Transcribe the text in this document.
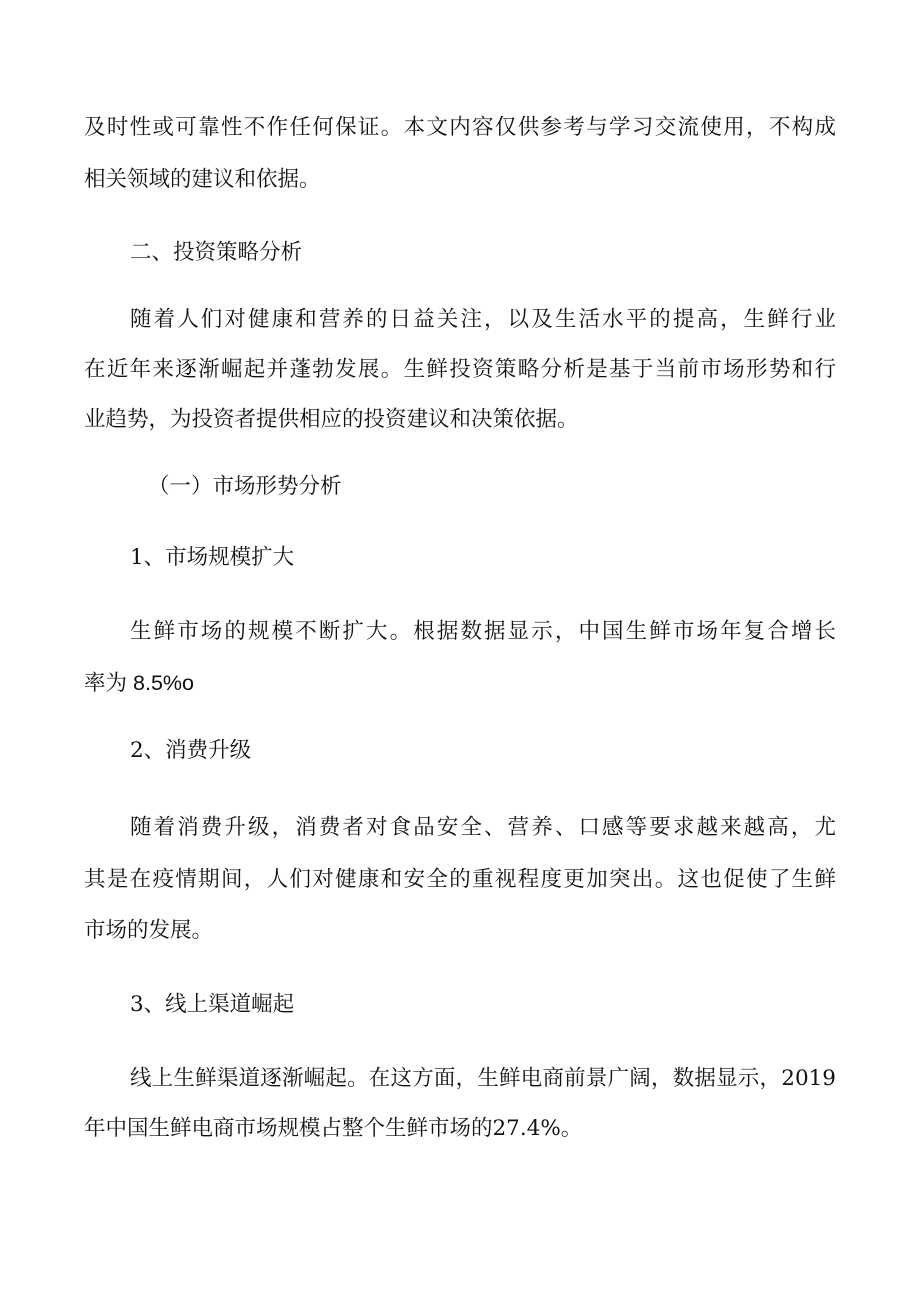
及时性或可靠性不作任何保证。本文内容仅供参考与学习交流使用，不构成
相关领域的建议和依据。
二、投资策略分析
随着人们对健康和营养的日益关注，以及生活水平的提高，生鲜行业
在近年来逐渐崛起并蓬勃发展。生鲜投资策略分析是基于当前市场形势和行
业趋势，为投资者提供相应的投资建议和决策依据。
（一）市场形势分析
1、市场规模扩大
生鲜市场的规模不断扩大。根据数据显示，中国生鲜市场年复合增长
率为 8.5%o
2、消费升级
随着消费升级，消费者对食品安全、营养、口感等要求越来越高，尤
其是在疫情期间，人们对健康和安全的重视程度更加突出。这也促使了生鲜
市场的发展。
3、线上渠道崛起
线上生鲜渠道逐渐崛起。在这方面，生鲜电商前景广阔，数据显示，2019
年中国生鲜电商市场规模占整个生鲜市场的27.4%。
